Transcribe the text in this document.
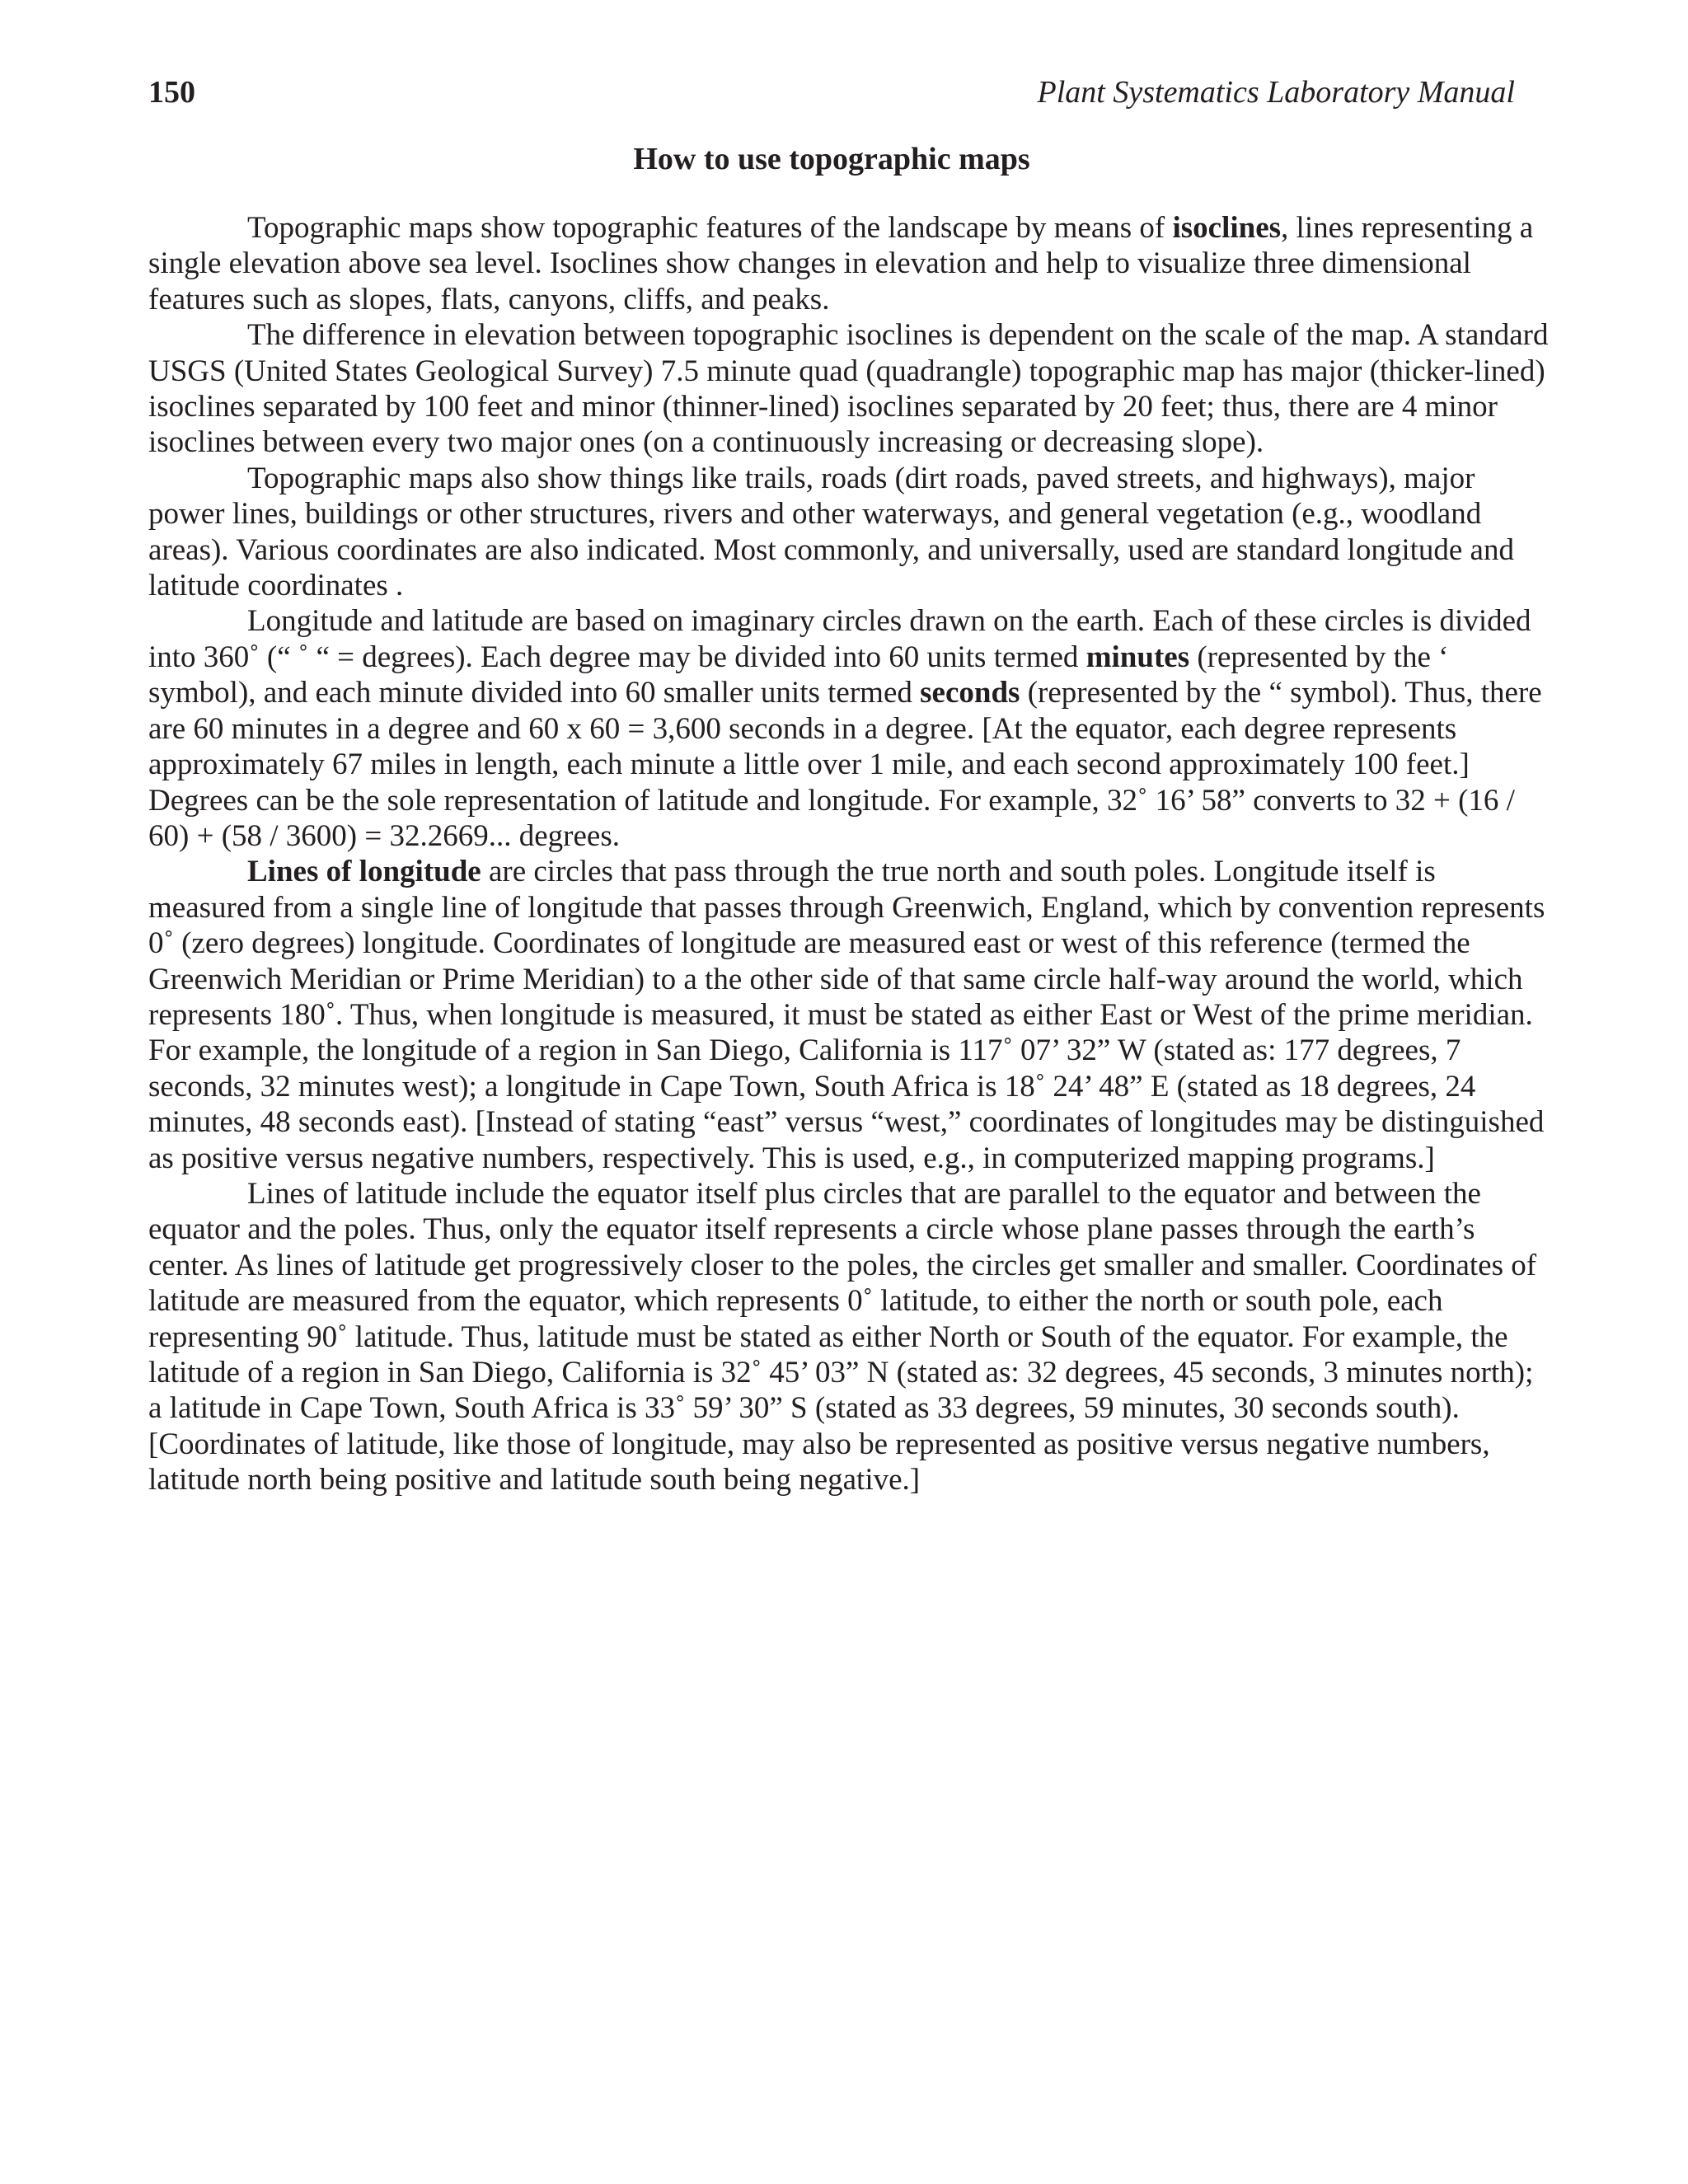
150	Plant Systematics Laboratory Manual
How to use topographic maps

Topographic maps show topographic features of the landscape by means of isoclines, lines representing a single elevation above sea level. Isoclines show changes in elevation and help to visualize three dimensional features such as slopes, flats, canyons, cliffs, and peaks.

The difference in elevation between topographic isoclines is dependent on the scale of the map. A standard USGS (United States Geological Survey) 7.5 minute quad (quadrangle) topographic map has major (thicker-lined) isoclines separated by 100 feet and minor (thinner-lined) isoclines separated by 20 feet; thus, there are 4 minor isoclines between every two major ones (on a continuously increasing or decreasing slope).

Topographic maps also show things like trails, roads (dirt roads, paved streets, and highways), major power lines, buildings or other structures, rivers and other waterways, and general vegetation (e.g., woodland areas). Various coordinates are also indicated. Most commonly, and universally, used are standard longitude and latitude coordinates .

Longitude and latitude are based on imaginary circles drawn on the earth. Each of these circles is divided into 360˚ (“ ˚ “ = degrees). Each degree may be divided into 60 units termed minutes (represented by the ‘ symbol), and each minute divided into 60 smaller units termed seconds (represented by the “ symbol). Thus, there are 60 minutes in a degree and 60 x 60 = 3,600 seconds in a degree. [At the equator, each degree represents approximately 67 miles in length, each minute a little over 1 mile, and each second approximately 100 feet.] Degrees can be the sole representation of latitude and longitude. For example, 32˚ 16’ 58” converts to 32 + (16 / 60) + (58 / 3600) = 32.2669... degrees.

Lines of longitude are circles that pass through the true north and south poles. Longitude itself is measured from a single line of longitude that passes through Greenwich, England, which by convention represents 0˚ (zero degrees) longitude. Coordinates of longitude are measured east or west of this reference (termed the Greenwich Meridian or Prime Meridian) to a the other side of that same circle half-way around the world, which represents 180˚. Thus, when longitude is measured, it must be stated as either East or West of the prime meridian. For example, the longitude of a region in San Diego, California is 117˚ 07’ 32” W (stated as: 177 degrees, 7 seconds, 32 minutes west); a longitude in Cape Town, South Africa is 18˚ 24’ 48” E (stated as 18 degrees, 24 minutes, 48 seconds east). [Instead of stating “east” versus “west,” coordinates of longitudes may be distinguished as positive versus negative numbers, respectively. This is used, e.g., in computerized mapping programs.]

Lines of latitude include the equator itself plus circles that are parallel to the equator and between the equator and the poles. Thus, only the equator itself represents a circle whose plane passes through the earth’s center. As lines of latitude get progressively closer to the poles, the circles get smaller and smaller. Coordinates of latitude are measured from the equator, which represents 0˚ latitude, to either the north or south pole, each representing 90˚ latitude. Thus, latitude must be stated as either North or South of the equator. For example, the latitude of a region in San Diego, California is 32˚ 45’ 03” N (stated as: 32 degrees, 45 seconds, 3 minutes north); a latitude in Cape Town, South Africa is 33˚ 59’ 30” S (stated as 33 degrees, 59 minutes, 30 seconds south). [Coordinates of latitude, like those of longitude, may also be represented as positive versus negative numbers, latitude north being positive and latitude south being negative.]
